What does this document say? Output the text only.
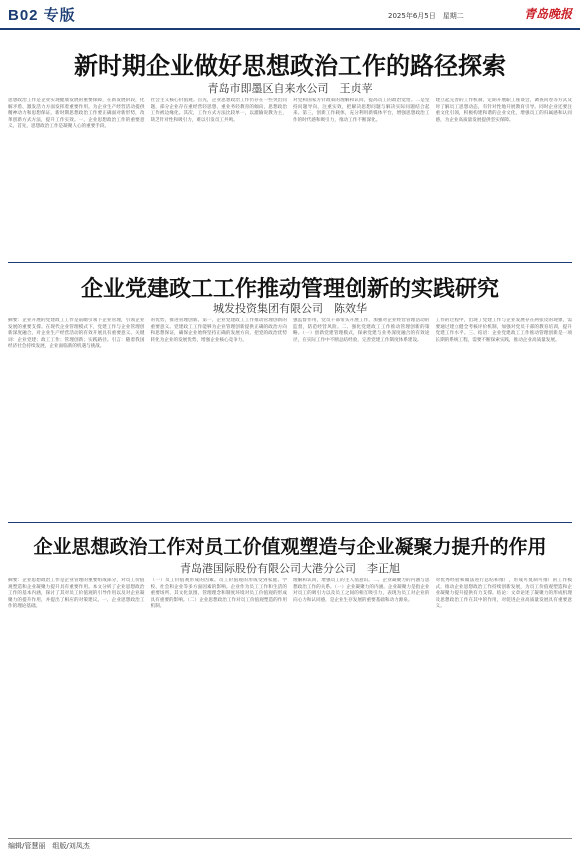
B02 专版	2025年6月5日　星期二	青岛晚报
新时期企业做好思想政治工作的路径探索
青岛市即墨区自来水公司　王贞苹
思想政治工作是企业实现健康发展的重要保障，在新发展阶段，化解矛盾、激发活力方面发挥着重要作用。为企业生产经营活动提供精神动力和思想保证。新时期思想政治工作要正确面对新形势，改革创新方式方法，提升工作实效。一、企业思想政治工作的重要意义。首先，思想政治工作是凝聚人心的重要手段。
社会主义核心价值观。首先，企业思想政治工作仍存在一些突出问题，部分企业存在重经营轻思想、重业务轻教育的倾向，思想政治工作被边缘化。其次，工作方式方法比较单一，以灌输说教为主，缺乏针对性和吸引力，难以引发员工共鸣。
对党和国家方针政策的理解和认同，提高员工的政治觉悟。二是坚持问题导向，注重实效，把解决思想问题与解决实际问题结合起来。第三，创新工作载体，充分利用新媒体平台，增强思想政治工作的时代感和吸引力，推动工作不断深化。
建立起完善的工作机制，定期开展职工座谈会，调查问卷等方式及时了解员工思想动态，有针对性地开展教育引导。同时企业还要注重文化引领，积极构建和谐的企业文化，增强员工的归属感和认同感，为企业高质量发展提供坚实保障。
企业党建政工工作推动管理创新的实践研究
城发投资集团有限公司　陈效华
摘要：企业开展的党建政工工作是前瞻引领下企业管理，引领企业发展的重要支撑。在现代企业管理模式下，党建工作与企业管理创新深度融合，对企业生产经营活动的有效开展具有重要意义。关键词：企业党建；政工工作；管理创新；实践路径。引言：随着我国经济社会持续发展，企业面临新的机遇与挑战。
的优势，推进管理创新。第一，企业党建政工工作推动管理创新的重要意义。党建政工工作能够为企业管理创新提供正确的政治方向和思想保证，确保企业始终坚持正确的发展方向，把党的政治优势转化为企业的发展优势，增强企业核心竞争力。
强监督作用，党员干部带头开展工作，加强对企业经营管理活动的监督，防范经营风险。二、强化党建政工工作推动管理创新的策略。（一）创新党建管理模式，探索党建与业务深度融合的有效途径，在实际工作中不断总结经验，完善党建工作制度体系建设。
工作的过程中，出现了党建工作与企业发展存在两张皮的现象，需要通过建立健全考核评价机制，加强对党员干部的教育培训，提升党建工作水平。三、结语：企业党建政工工作推动管理创新是一项长期的系统工程，需要不断探索实践，推动企业高质量发展。
企业思想政治工作对员工价值观塑造与企业凝聚力提升的作用
青岛港国际股份有限公司大港分公司　李正旭
摘要：企业思想政治工作是企业管理的重要组成部分，对员工价值观塑造和企业凝聚力提升具有重要作用。本文分析了企业思想政治工作的基本内涵，探讨了其对员工价值观的引导作用以及对企业凝聚力的提升作用，并提出了相应的对策建议。一、企业思想政治工作的理论基础。
（一）员工价值观形成的因素。员工价值观的形成受到家庭、学校、社会和企业等多方面因素的影响。企业作为员工工作和生活的重要场所，其文化氛围、管理理念和制度环境对员工价值观的形成具有重要的影响。（二）企业思想政治工作对员工价值观塑造的作用机制。
理解和认同，增强员工的主人翁意识。二、企业凝聚力的内涵与思想政治工作的关系。（一）企业凝聚力的内涵。企业凝聚力是指企业对员工的吸引力以及员工之间的相互吸引力，表现为员工对企业的向心力和认同感，是企业生存发展的重要基础和动力源泉。
对优秀经验和做法进行总结和推广，形成可复制可推广的工作模式，推动企业思想政治工作持续创新发展，为员工价值观塑造和企业凝聚力提升提供有力支撑。结论：文章论述了凝聚力的形成机理及思想政治工作在其中的作用，对促进企业高质量发展具有重要意义。
编辑/管慧丽　组版/刘凤杰
